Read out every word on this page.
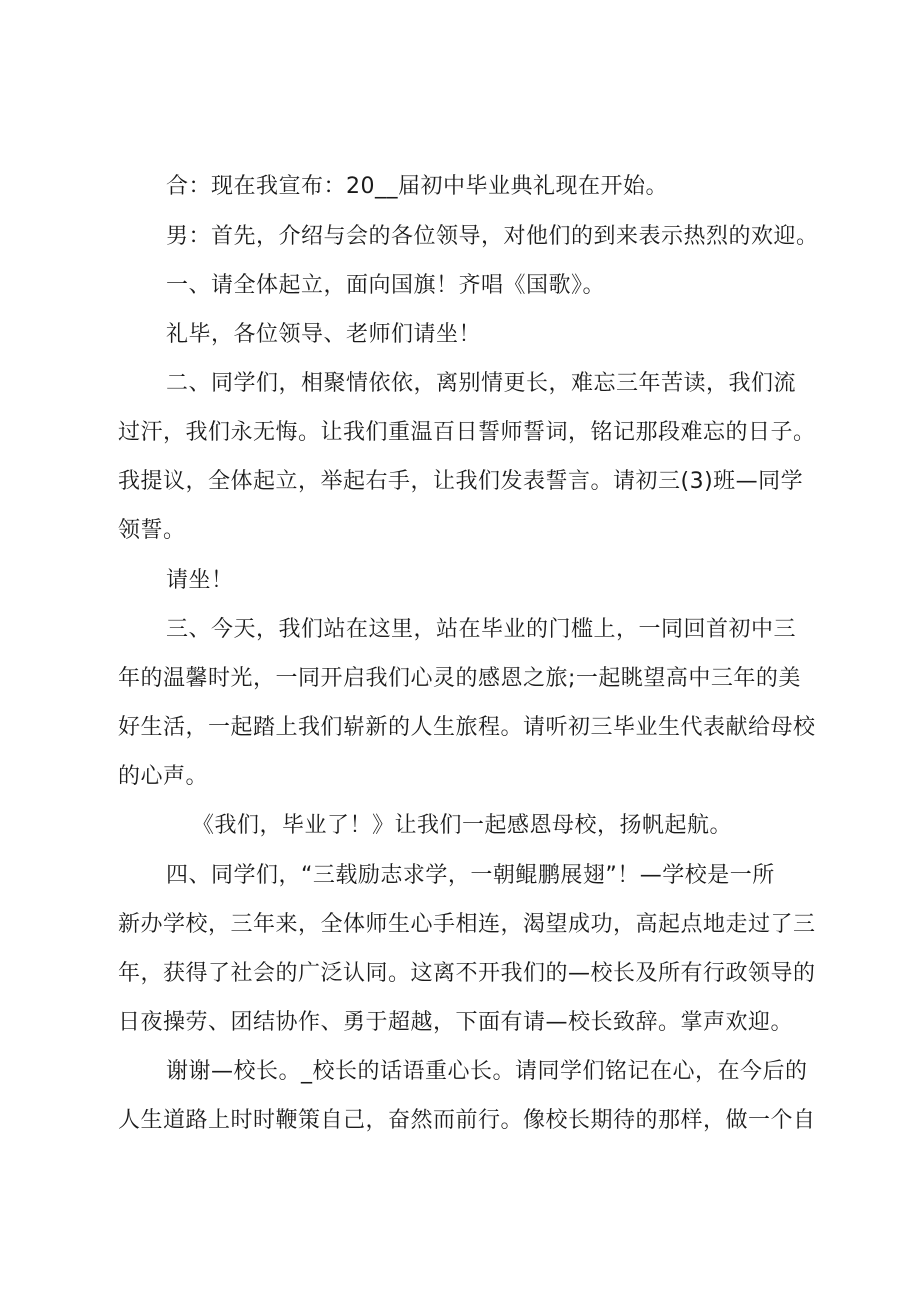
合：现在我宣布：20__届初中毕业典礼现在开始。
男：首先，介绍与会的各位领导，对他们的到来表示热烈的欢迎。
一、请全体起立，面向国旗！齐唱《国歌》。
礼毕，各位领导、老师们请坐！
二、同学们，相聚情依依，离别情更长，难忘三年苦读，我们流
过汗，我们永无悔。让我们重温百日誓师誓词，铭记那段难忘的日子。
我提议，全体起立，举起右手，让我们发表誓言。请初三(3)班—同学
领誓。
请坐！
三、今天，我们站在这里，站在毕业的门槛上，一同回首初中三
年的温馨时光，一同开启我们心灵的感恩之旅;一起眺望高中三年的美
好生活，一起踏上我们崭新的人生旅程。请听初三毕业生代表献给母校
的心声。
《我们，毕业了！》让我们一起感恩母校，扬帆起航。
四、同学们，“三载励志求学，一朝鲲鹏展翅”！—学校是一所
新办学校，三年来，全体师生心手相连，渴望成功，高起点地走过了三
年，获得了社会的广泛认同。这离不开我们的—校长及所有行政领导的
日夜操劳、团结协作、勇于超越，下面有请—校长致辞。掌声欢迎。
谢谢—校长。_校长的话语重心长。请同学们铭记在心，在今后的
人生道路上时时鞭策自己，奋然而前行。像校长期待的那样，做一个自
